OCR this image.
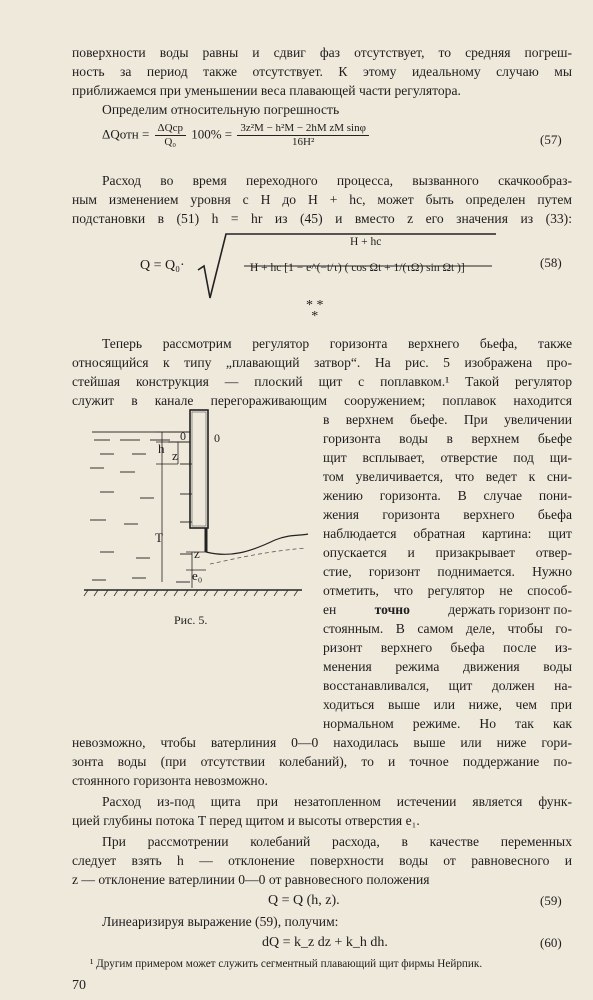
поверхности воды равны и сдвиг фаз отсутствует, то средняя погреш-
ность за период также отсутствует. К этому идеальному случаю мы
приближаемся при уменьшении веса плавающей части регулятора.
Определим относительную погрешность
ΔQотн = $\frac{\text{ΔQср}}{\text{Q₀}} 100\% = \frac{\text{3z²M − h²M − 2hM zM sinφ}}{\text{16H²}}$	(57)
Расход во время переходного процесса, вызванного скачкообраз-
ным изменением уровня с H до H + hc, может быть определен путем
подстановки в (51) h = hr из (45) и вместо z его значения из (33):
Q = Q₀·
H + hc
H + hc [1 − e^(−t/τ) ( cos Ωt + 1/(τΩ) sin Ωt )]	(58)
* *
*
Теперь рассмотрим регулятор горизонта верхнего бьефа, также
относящийся к типу „плавающий затвор“. На рис. 5 изображена про-
стейшая конструкция — плоский щит с поплавком.¹ Такой регулятор
служит в канале перегораживающим сооружением; поплавок находится
в верхнем бьефе. При увеличении
горизонта воды в верхнем бьефе
щит всплывает, отверстие под щи-
том увеличивается, что ведет к сни-
жению горизонта. В случае пони-
жения горизонта верхнего бьефа
наблюдается обратная картина: щит
опускается и призакрывает отвер-
стие, горизонт поднимается. Нужно
отметить, что регулятор не способ-
ен	точно	держать горизонт по-
стоянным. В самом деле, чтобы го-
ризонт верхнего бьефа после из-
менения режима движения воды
восстанавливался, щит должен на-
ходиться выше или ниже, чем при
нормальном режиме. Но так как
0 0
h z
T
z
e₀
Рис. 5.
невозможно, чтобы ватерлиния 0—0 находилась выше или ниже гори-
зонта воды (при отсутствии колебаний), то и точное поддержание по-
стоянного горизонта невозможно.
Расход из-под щита при незатопленном истечении является функ-
цией глубины потока T перед щитом и высоты отверстия e₁.
При рассмотрении колебаний расхода, в качестве переменных
следует взять h — отклонение поверхности воды от равновесного и
z — отклонение ватерлинии 0—0 от равновесного положения
Q = Q (h, z).	(59)
Линеаризируя выражение (59), получим:
dQ = k_z dz + k_h dh.	(60)
¹ Другим примером может служить сегментный плавающий щит фирмы Нейрпик.
70
